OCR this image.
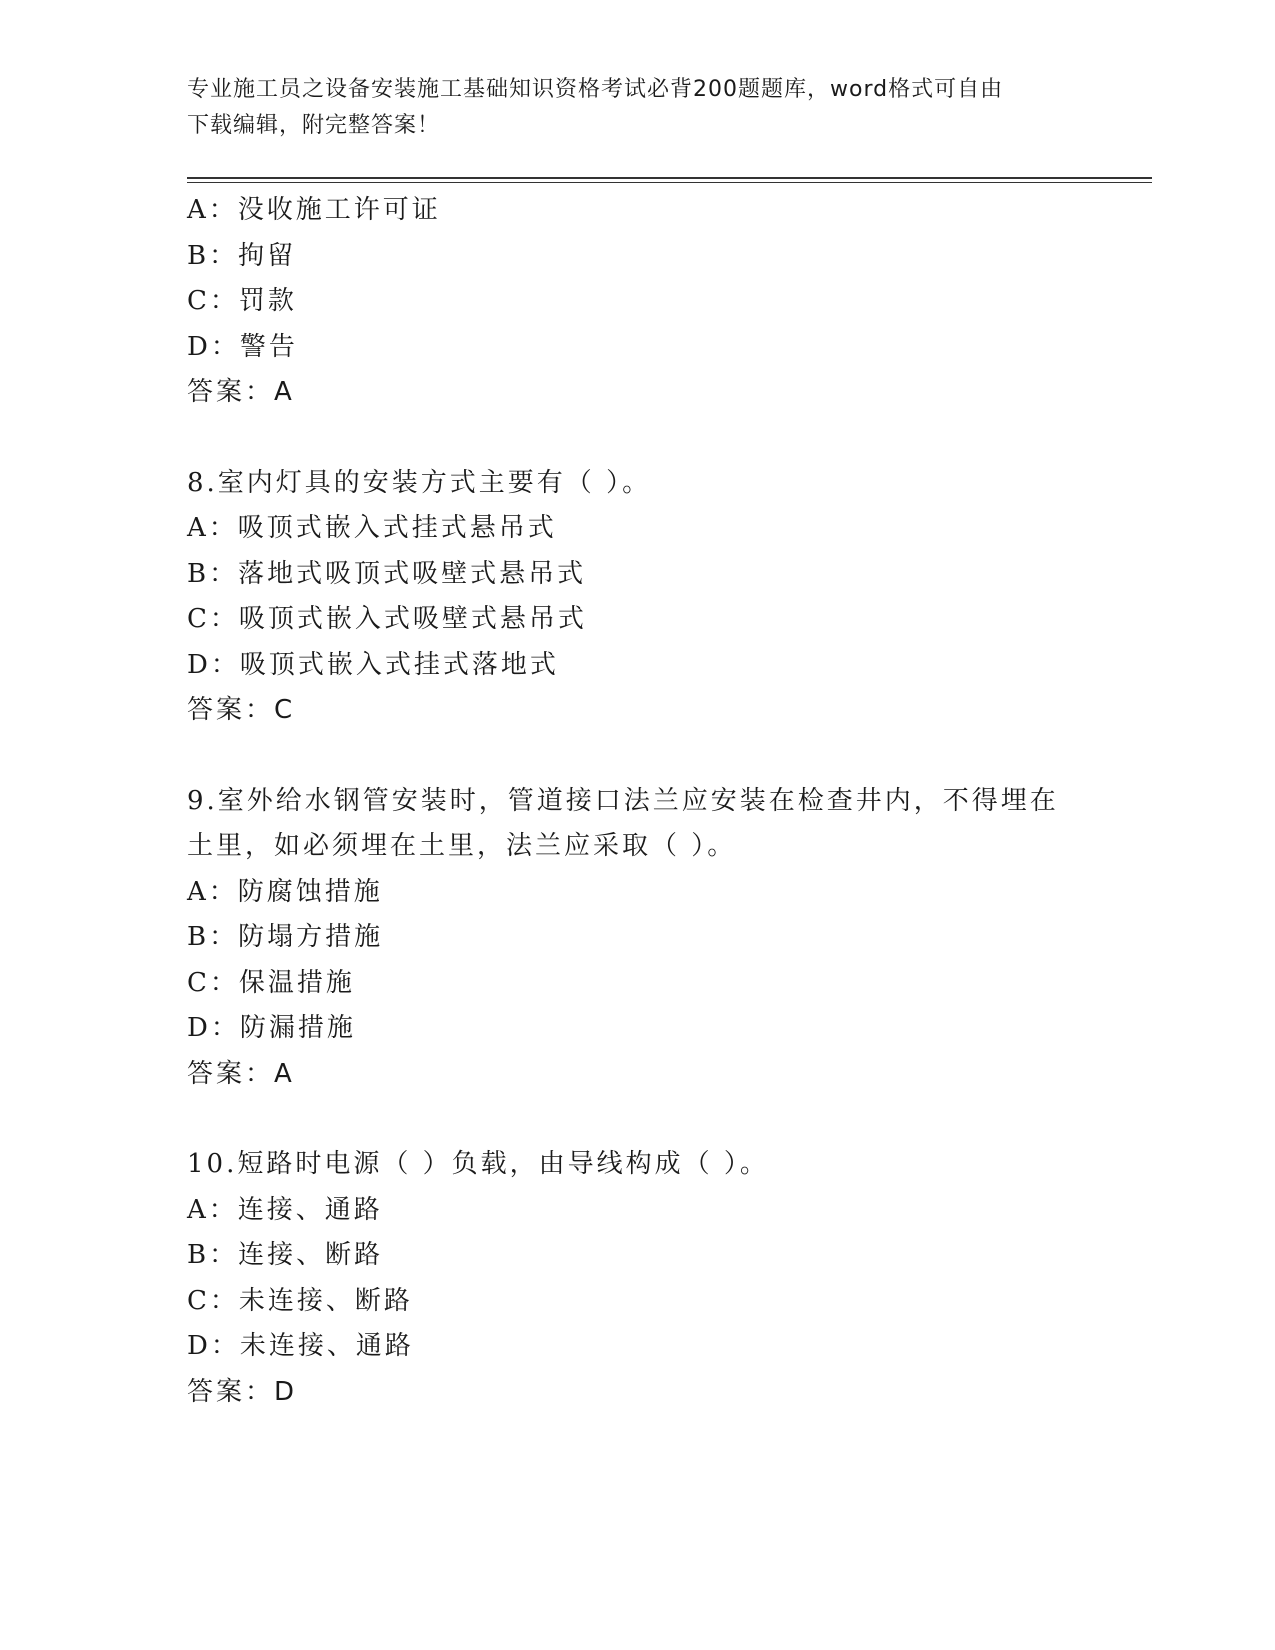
专业施工员之设备安装施工基础知识资格考试必背200题题库，word格式可自由
下载编辑，附完整答案！
A：没收施工许可证
B：拘留
C：罚款
D：警告
答案：A
8.室内灯具的安装方式主要有（ ）。
A：吸顶式嵌入式挂式悬吊式
B：落地式吸顶式吸壁式悬吊式
C：吸顶式嵌入式吸壁式悬吊式
D：吸顶式嵌入式挂式落地式
答案：C
9.室外给水钢管安装时，管道接口法兰应安装在检查井内，不得埋在
土里，如必须埋在土里，法兰应采取（ ）。
A：防腐蚀措施
B：防塌方措施
C：保温措施
D：防漏措施
答案：A
10.短路时电源（ ）负载，由导线构成（ ）。
A：连接、通路
B：连接、断路
C：未连接、断路
D：未连接、通路
答案：D
